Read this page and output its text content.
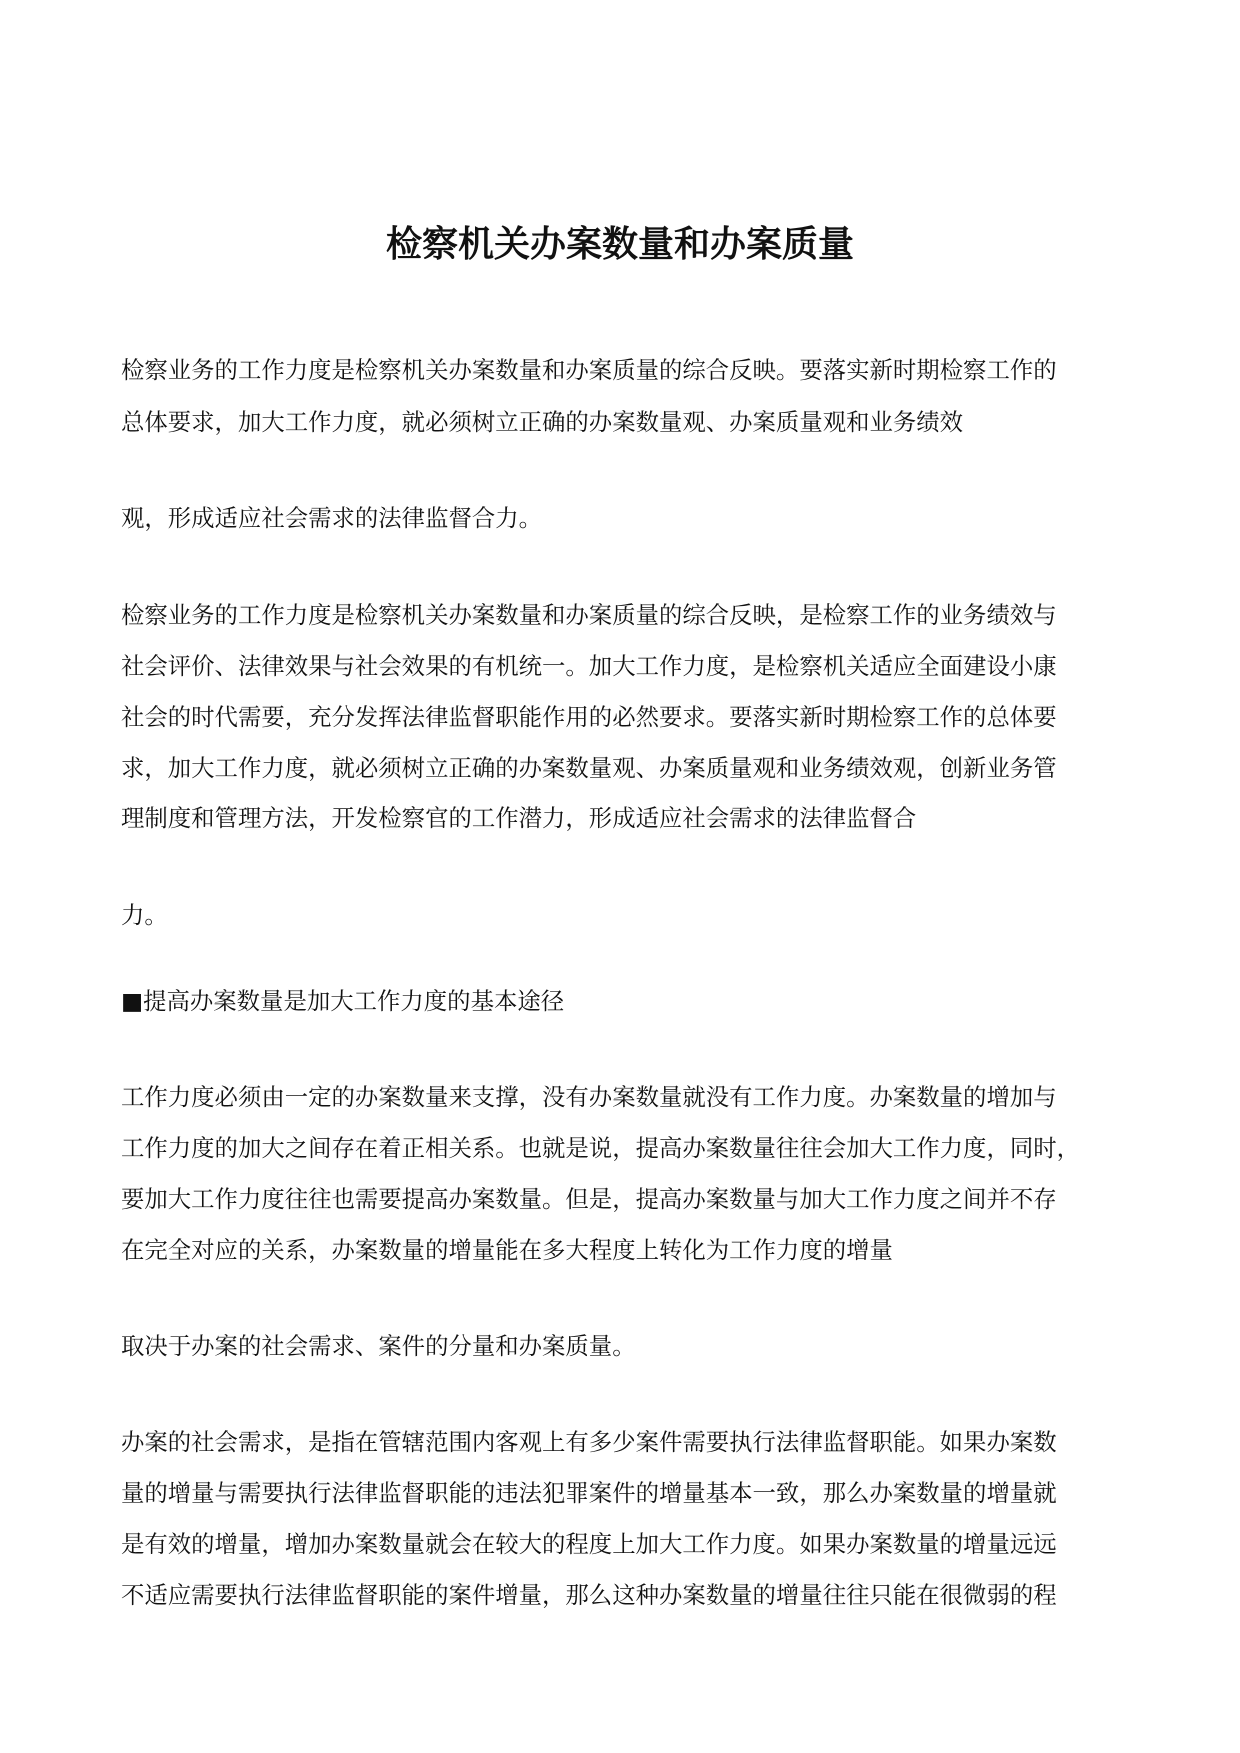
检察机关办案数量和办案质量
检察业务的工作力度是检察机关办案数量和办案质量的综合反映。要落实新时期检察工作的
总体要求，加大工作力度，就必须树立正确的办案数量观、办案质量观和业务绩效
观，形成适应社会需求的法律监督合力。
检察业务的工作力度是检察机关办案数量和办案质量的综合反映，是检察工作的业务绩效与
社会评价、法律效果与社会效果的有机统一。加大工作力度，是检察机关适应全面建设小康
社会的时代需要，充分发挥法律监督职能作用的必然要求。要落实新时期检察工作的总体要
求，加大工作力度，就必须树立正确的办案数量观、办案质量观和业务绩效观，创新业务管
理制度和管理方法，开发检察官的工作潜力，形成适应社会需求的法律监督合
力。
■提高办案数量是加大工作力度的基本途径
工作力度必须由一定的办案数量来支撑，没有办案数量就没有工作力度。办案数量的增加与
工作力度的加大之间存在着正相关系。也就是说，提高办案数量往往会加大工作力度，同时，
要加大工作力度往往也需要提高办案数量。但是，提高办案数量与加大工作力度之间并不存
在完全对应的关系，办案数量的增量能在多大程度上转化为工作力度的增量
取决于办案的社会需求、案件的分量和办案质量。
办案的社会需求，是指在管辖范围内客观上有多少案件需要执行法律监督职能。如果办案数
量的增量与需要执行法律监督职能的违法犯罪案件的增量基本一致，那么办案数量的增量就
是有效的增量，增加办案数量就会在较大的程度上加大工作力度。如果办案数量的增量远远
不适应需要执行法律监督职能的案件增量，那么这种办案数量的增量往往只能在很微弱的程
